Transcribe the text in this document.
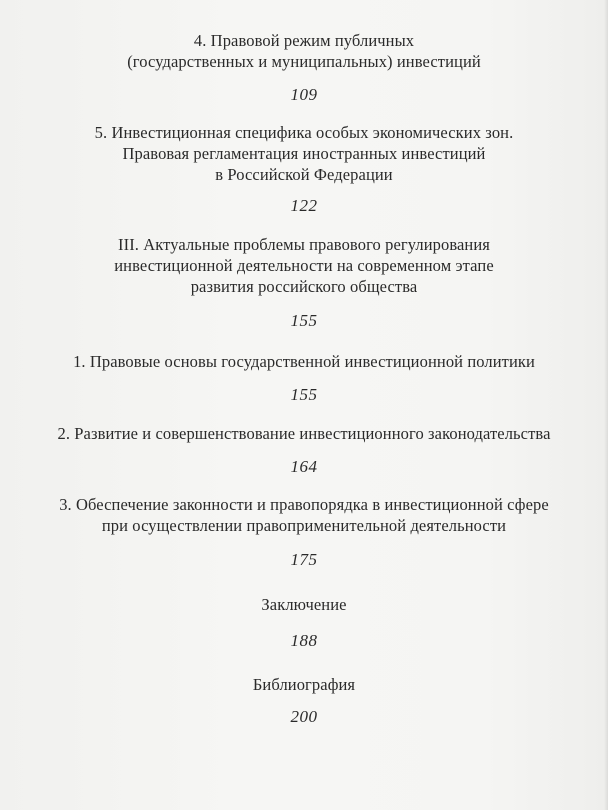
4. Правовой режим публичных
(государственных и муниципальных) инвестиций
109
5. Инвестиционная специфика особых экономических зон.
Правовая регламентация иностранных инвестиций
в Российской Федерации
122
III. Актуальные проблемы правового регулирования
инвестиционной деятельности на современном этапе
развития российского общества
155
1. Правовые основы государственной инвестиционной политики
155
2. Развитие и совершенствование инвестиционного законодательства
164
3. Обеспечение законности и правопорядка в инвестиционной сфере
при осуществлении правоприменительной деятельности
175
Заключение
188
Библиография
200
